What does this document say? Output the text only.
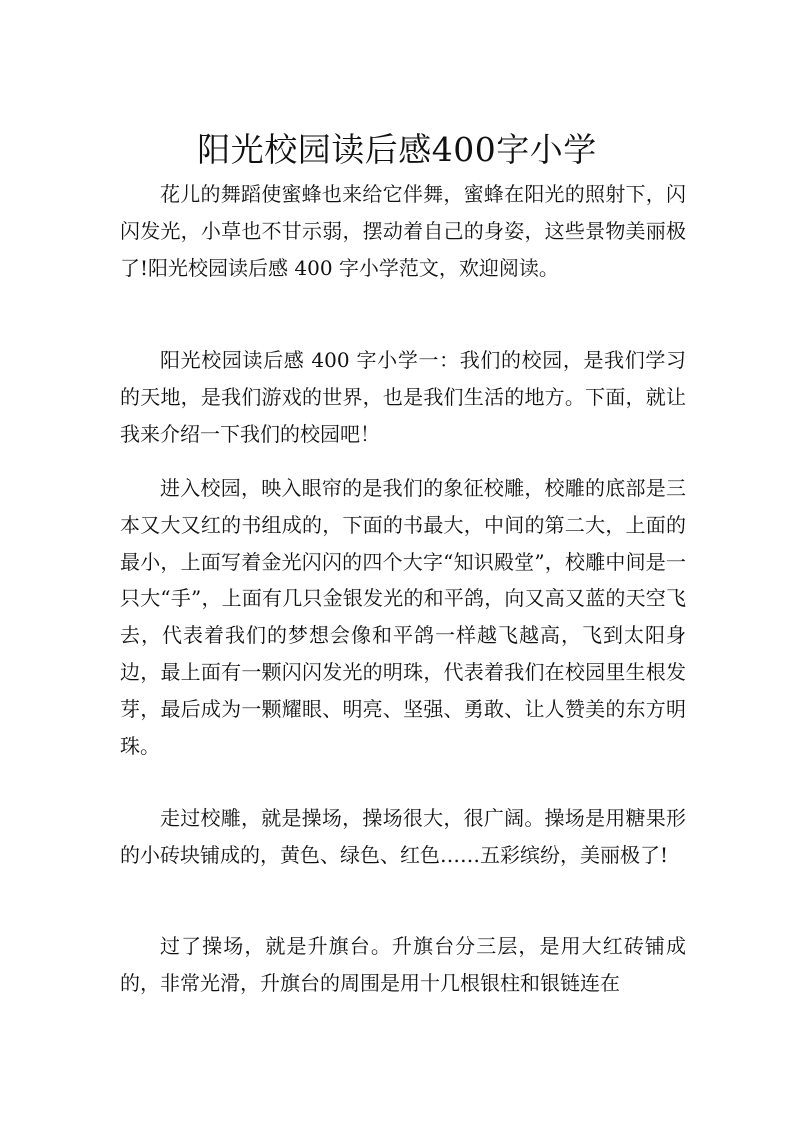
阳光校园读后感400字小学

花儿的舞蹈使蜜蜂也来给它伴舞，蜜蜂在阳光的照射下，闪闪发光，小草也不甘示弱，摆动着自己的身姿，这些景物美丽极了!阳光校园读后感 400 字小学范文，欢迎阅读。

阳光校园读后感 400 字小学一：我们的校园，是我们学习的天地，是我们游戏的世界，也是我们生活的地方。下面，就让我来介绍一下我们的校园吧！

进入校园，映入眼帘的是我们的象征校雕，校雕的底部是三本又大又红的书组成的，下面的书最大，中间的第二大，上面的最小，上面写着金光闪闪的四个大字“知识殿堂”，校雕中间是一只大“手”，上面有几只金银发光的和平鸽，向又高又蓝的天空飞去，代表着我们的梦想会像和平鸽一样越飞越高，飞到太阳身边，最上面有一颗闪闪发光的明珠，代表着我们在校园里生根发芽，最后成为一颗耀眼、明亮、坚强、勇敢、让人赞美的东方明珠。

走过校雕，就是操场，操场很大，很广阔。操场是用糖果形的小砖块铺成的，黄色、绿色、红色……五彩缤纷，美丽极了!

过了操场，就是升旗台。升旗台分三层，是用大红砖铺成的，非常光滑，升旗台的周围是用十几根银柱和银链连在
